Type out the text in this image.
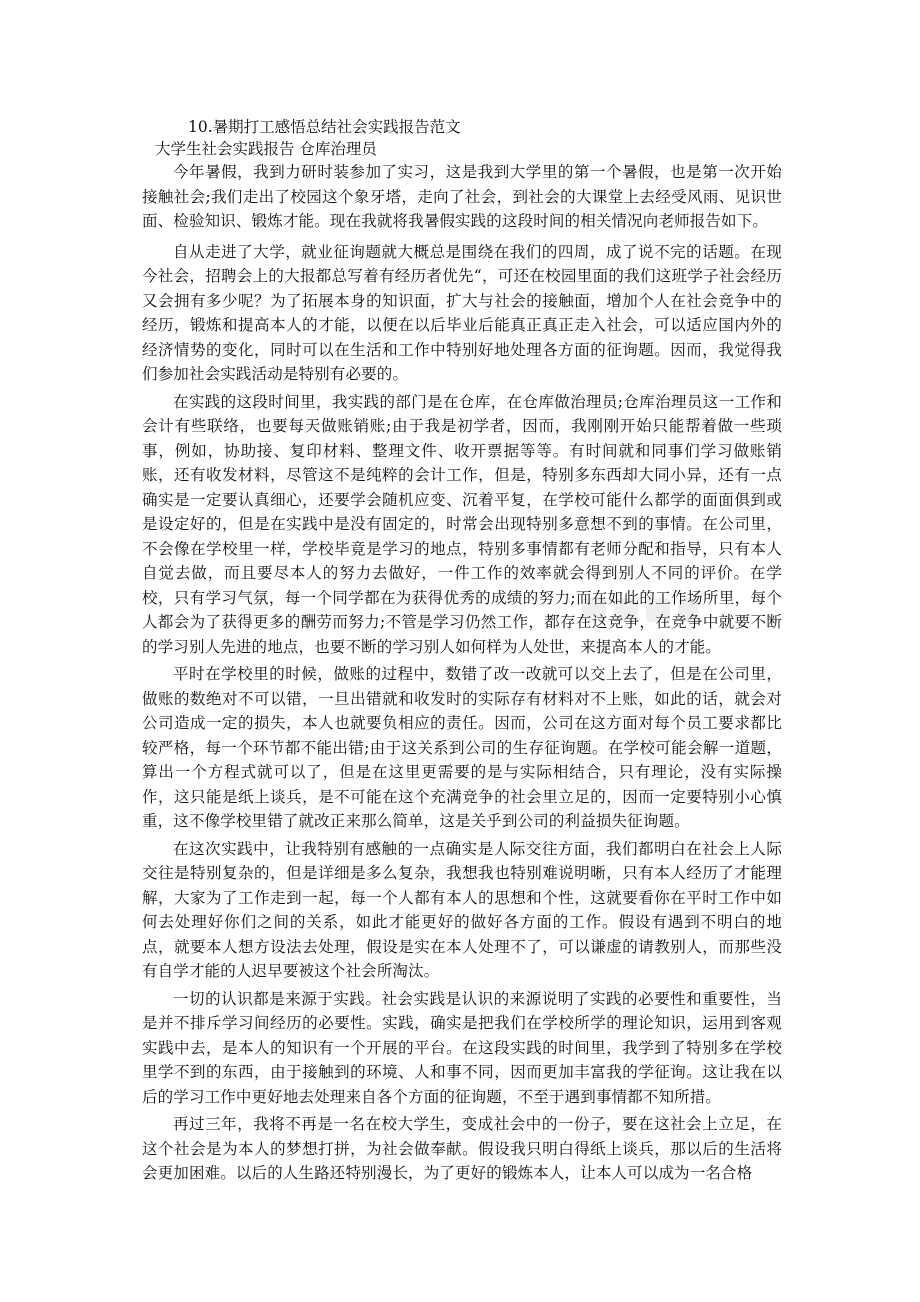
10.暑期打工感悟总结社会实践报告范文
大学生社会实践报告 仓库治理员

今年暑假，我到力研时装参加了实习，这是我到大学里的第一个暑假，也是第一次开始接触社会;我们走出了校园这个象牙塔，走向了社会，到社会的大课堂上去经受风雨、见识世面、检验知识、锻炼才能。现在我就将我暑假实践的这段时间的相关情况向老师报告如下。

自从走进了大学，就业征询题就大概总是围绕在我们的四周，成了说不完的话题。在现今社会，招聘会上的大报都总写着有经历者优先“，可还在校园里面的我们这班学子社会经历又会拥有多少呢？为了拓展本身的知识面，扩大与社会的接触面，增加个人在社会竞争中的经历，锻炼和提高本人的才能，以便在以后毕业后能真正真正走入社会，可以适应国内外的经济情势的变化，同时可以在生活和工作中特别好地处理各方面的征询题。因而，我觉得我们参加社会实践活动是特别有必要的。

在实践的这段时间里，我实践的部门是在仓库，在仓库做治理员;仓库治理员这一工作和会计有些联络，也要每天做账销账;由于我是初学者，因而，我刚刚开始只能帮着做一些琐事，例如，协助接、复印材料、整理文件、收开票据等等。有时间就和同事们学习做账销账，还有收发材料，尽管这不是纯粹的会计工作，但是，特别多东西却大同小异，还有一点确实是一定要认真细心，还要学会随机应变、沉着平复，在学校可能什么都学的面面俱到或是设定好的，但是在实践中是没有固定的，时常会出现特别多意想不到的事情。在公司里，不会像在学校里一样，学校毕竟是学习的地点，特别多事情都有老师分配和指导，只有本人自觉去做，而且要尽本人的努力去做好，一件工作的效率就会得到别人不同的评价。在学校，只有学习气氛，每一个同学都在为获得优秀的成绩的努力;而在如此的工作场所里，每个人都会为了获得更多的酬劳而努力;不管是学习仍然工作，都存在这竞争，在竞争中就要不断的学习别人先进的地点，也要不断的学习别人如何样为人处世，来提高本人的才能。

平时在学校里的时候，做账的过程中，数错了改一改就可以交上去了，但是在公司里，做账的数绝对不可以错，一旦出错就和收发时的实际存有材料对不上账，如此的话，就会对公司造成一定的损失，本人也就要负相应的责任。因而，公司在这方面对每个员工要求都比较严格，每一个环节都不能出错;由于这关系到公司的生存征询题。在学校可能会解一道题，算出一个方程式就可以了，但是在这里更需要的是与实际相结合，只有理论，没有实际操作，这只能是纸上谈兵，是不可能在这个充满竞争的社会里立足的，因而一定要特别小心慎重，这不像学校里错了就改正来那么简单，这是关乎到公司的利益损失征询题。

在这次实践中，让我特别有感触的一点确实是人际交往方面，我们都明白在社会上人际交往是特别复杂的，但是详细是多么复杂，我想我也特别难说明晰，只有本人经历了才能理解，大家为了工作走到一起，每一个人都有本人的思想和个性，这就要看你在平时工作中如何去处理好你们之间的关系，如此才能更好的做好各方面的工作。假设有遇到不明白的地点，就要本人想方设法去处理，假设是实在本人处理不了，可以谦虚的请教别人，而那些没有自学才能的人迟早要被这个社会所淘汰。

一切的认识都是来源于实践。社会实践是认识的来源说明了实践的必要性和重要性，当是并不排斥学习间经历的必要性。实践，确实是把我们在学校所学的理论知识，运用到客观实践中去，是本人的知识有一个开展的平台。在这段实践的时间里，我学到了特别多在学校里学不到的东西，由于接触到的环境、人和事不同，因而更加丰富我的学征询。这让我在以后的学习工作中更好地去处理来自各个方面的征询题，不至于遇到事情都不知所措。

再过三年，我将不再是一名在校大学生，变成社会中的一份子，要在这社会上立足，在这个社会是为本人的梦想打拼，为社会做奉献。假设我只明白得纸上谈兵，那以后的生活将会更加困难。以后的人生路还特别漫长，为了更好的锻炼本人，让本人可以成为一名合格
